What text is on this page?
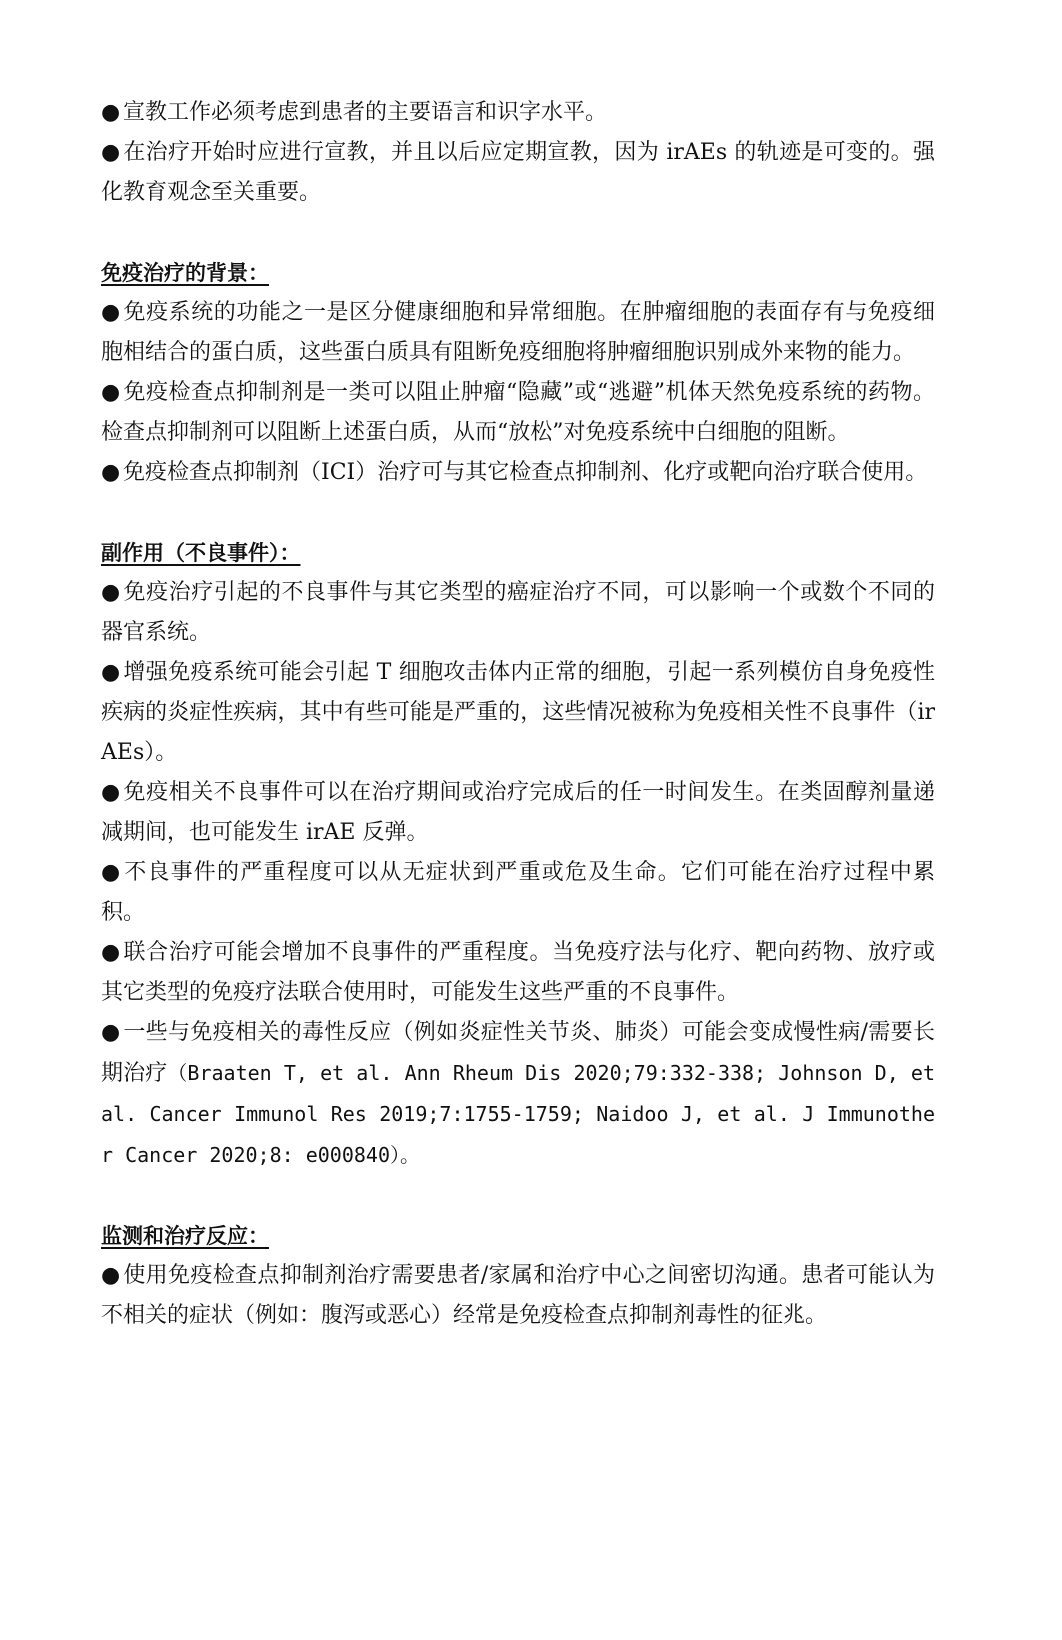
● 宣教工作必须考虑到患者的主要语言和识字水平。

● 在治疗开始时应进行宣教，并且以后应定期宣教，因为 irAEs 的轨迹是可变的。强化教育观念至关重要。

免疫治疗的背景：

● 免疫系统的功能之一是区分健康细胞和异常细胞。在肿瘤细胞的表面存有与免疫细胞相结合的蛋白质，这些蛋白质具有阻断免疫细胞将肿瘤细胞识别成外来物的能力。

● 免疫检查点抑制剂是一类可以阻止肿瘤“隐藏”或“逃避”机体天然免疫系统的药物。检查点抑制剂可以阻断上述蛋白质，从而“放松”对免疫系统中白细胞的阻断。

● 免疫检查点抑制剂（ICI）治疗可与其它检查点抑制剂、化疗或靶向治疗联合使用。

副作用（不良事件）：

● 免疫治疗引起的不良事件与其它类型的癌症治疗不同，可以影响一个或数个不同的器官系统。

● 增强免疫系统可能会引起 T 细胞攻击体内正常的细胞，引起一系列模仿自身免疫性疾病的炎症性疾病，其中有些可能是严重的，这些情况被称为免疫相关性不良事件（irAEs）。

● 免疫相关不良事件可以在治疗期间或治疗完成后的任一时间发生。在类固醇剂量递减期间，也可能发生 irAE 反弹。

● 不良事件的严重程度可以从无症状到严重或危及生命。它们可能在治疗过程中累积。

● 联合治疗可能会增加不良事件的严重程度。当免疫疗法与化疗、靶向药物、放疗或其它类型的免疫疗法联合使用时，可能发生这些严重的不良事件。

● 一些与免疫相关的毒性反应（例如炎症性关节炎、肺炎）可能会变成慢性病/需要长期治疗（Braaten T, et al. Ann Rheum Dis 2020;79:332-338; Johnson D, et al. Cancer Immunol Res 2019;7:1755-1759; Naidoo J, et al. J Immunother Cancer 2020;8: e000840）。

监测和治疗反应：

● 使用免疫检查点抑制剂治疗需要患者/家属和治疗中心之间密切沟通。患者可能认为不相关的症状（例如：腹泻或恶心）经常是免疫检查点抑制剂毒性的征兆。
